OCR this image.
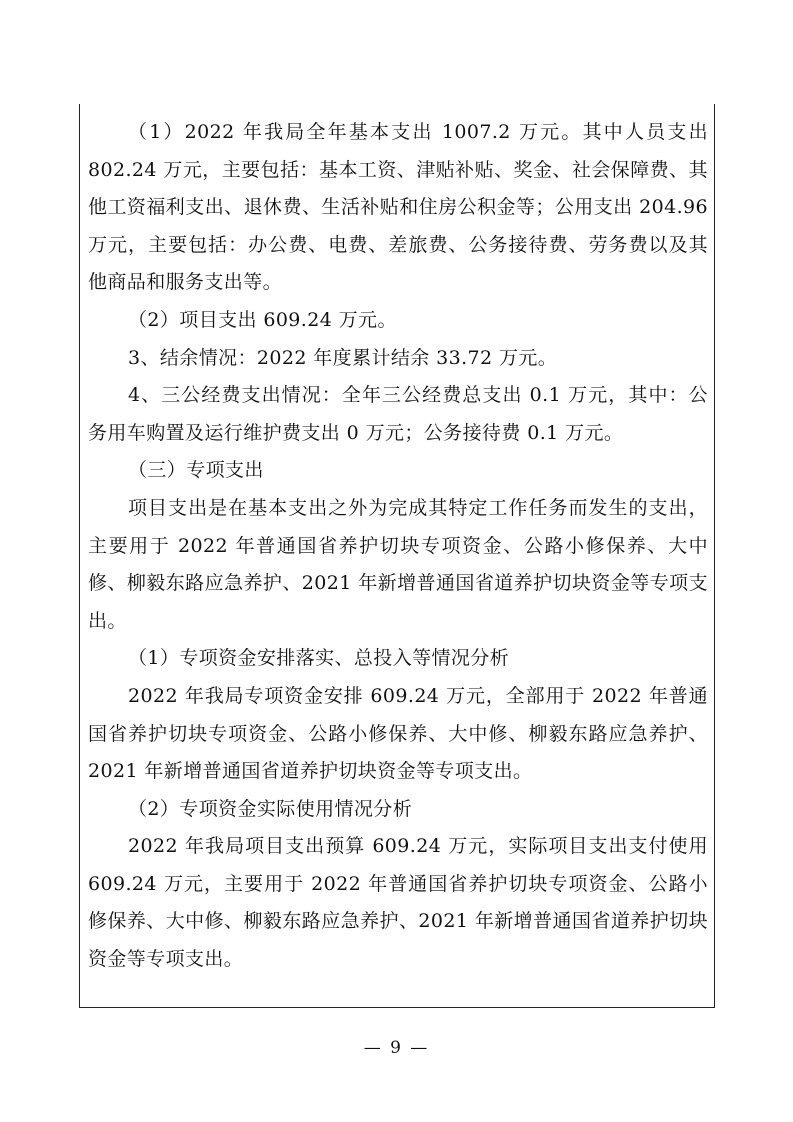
（1）2022 年我局全年基本支出 1007.2 万元。其中人员支出 802.24 万元，主要包括：基本工资、津贴补贴、奖金、社会保障费、其他工资福利支出、退休费、生活补贴和住房公积金等；公用支出 204.96 万元，主要包括：办公费、电费、差旅费、公务接待费、劳务费以及其他商品和服务支出等。

（2）项目支出 609.24 万元。

3、结余情况：2022 年度累计结余 33.72 万元。

4、三公经费支出情况：全年三公经费总支出 0.1 万元，其中：公务用车购置及运行维护费支出 0 万元；公务接待费 0.1 万元。

（三）专项支出

项目支出是在基本支出之外为完成其特定工作任务而发生的支出，主要用于 2022 年普通国省养护切块专项资金、公路小修保养、大中修、柳毅东路应急养护、2021 年新增普通国省道养护切块资金等专项支出。

（1）专项资金安排落实、总投入等情况分析

2022 年我局专项资金安排 609.24 万元，全部用于 2022 年普通国省养护切块专项资金、公路小修保养、大中修、柳毅东路应急养护、2021 年新增普通国省道养护切块资金等专项支出。

（2）专项资金实际使用情况分析

2022 年我局项目支出预算 609.24 万元，实际项目支出支付使用 609.24 万元，主要用于 2022 年普通国省养护切块专项资金、公路小修保养、大中修、柳毅东路应急养护、2021 年新增普通国省道养护切块资金等专项支出。

— 9 —
